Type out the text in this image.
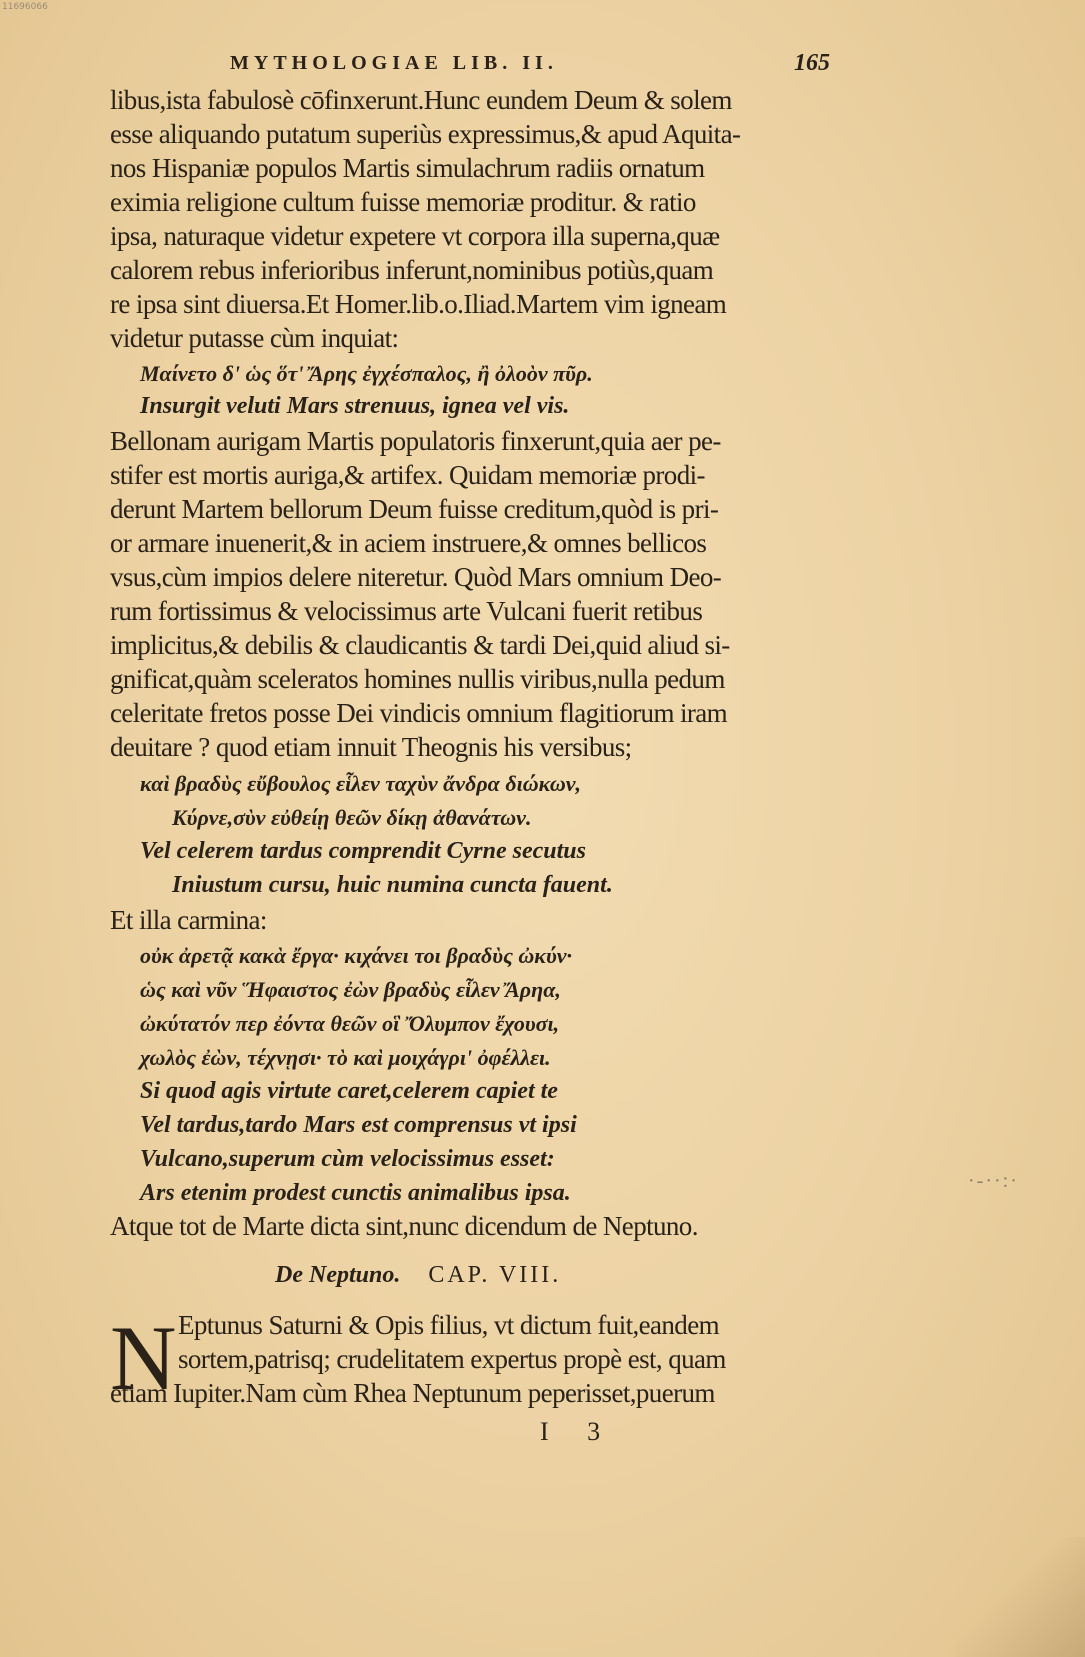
11696066
MYTHOLOGIAE LIB. II.	165
libus,ista fabulosè cōfinxerunt.Hunc eundem Deum & solem
esse aliquando putatum superiùs expressimus,& apud Aquita-
nos Hispaniæ populos Martis simulachrum radiis ornatum
eximia religione cultum fuisse memoriæ proditur. & ratio
ipsa, naturaque videtur expetere vt corpora illa superna,quæ
calorem rebus inferioribus inferunt,nominibus potiùs,quam
re ipsa sint diuersa.Et Homer.lib.o.Iliad.Martem vim igneam
videtur putasse cùm inquiat:
Μαίνετο δ' ὡς ὅτ' Ἄρης ἐγχέσπαλος, ἢ ὀλοὸν πῦρ.
Insurgit veluti Mars strenuus, ignea vel vis.
Bellonam aurigam Martis populatoris finxerunt,quia aer pe-
stifer est mortis auriga,& artifex. Quidam memoriæ prodi-
derunt Martem bellorum Deum fuisse creditum,quòd is pri-
or armare inuenerit,& in aciem instruere,& omnes bellicos
vsus,cùm impios delere niteretur. Quòd Mars omnium Deo-
rum fortissimus & velocissimus arte Vulcani fuerit retibus
implicitus,& debilis & claudicantis & tardi Dei,quid aliud si-
gnificat,quàm sceleratos homines nullis viribus,nulla pedum
celeritate fretos posse Dei vindicis omnium flagitiorum iram
deuitare ? quod etiam innuit Theognis his versibus;
καὶ βραδὺς εὔβουλος εἷλεν ταχὺν ἄνδρα διώκων,
Κύρνε,σὺν εὐθείῃ θεῶν δίκῃ ἀθανάτων.
Vel celerem tardus comprendit Cyrne secutus
Iniustum cursu, huic numina cuncta fauent.
Et illa carmina:
οὐκ ἀρετᾷ κακὰ ἔργα· κιχάνει τοι βραδὺς ὠκύν·
ὡς καὶ νῦν Ἥφαιστος ἐὼν βραδὺς εἷλεν Ἄρηα,
ὠκύτατόν περ ἐόντα θεῶν οἳ Ὄλυμπον ἔχουσι,
χωλὸς ἐὼν, τέχνῃσι· τὸ καὶ μοιχάγρι' ὀφέλλει.
Si quod agis virtute caret,celerem capiet te
Vel tardus,tardo Mars est comprensus vt ipsi
Vulcano,superum cùm velocissimus esset:
Ars etenim prodest cunctis animalibus ipsa.
Atque tot de Marte dicta sint,nunc dicendum de Neptuno.
De Neptuno. CAP. VIII.
N Eptunus Saturni & Opis filius, vt dictum fuit,eandem
sortem,patrisq; crudelitatem expertus propè est, quam
etiam Iupiter.Nam cùm Rhea Neptunum peperisset,puerum
I 3
·-··:·
